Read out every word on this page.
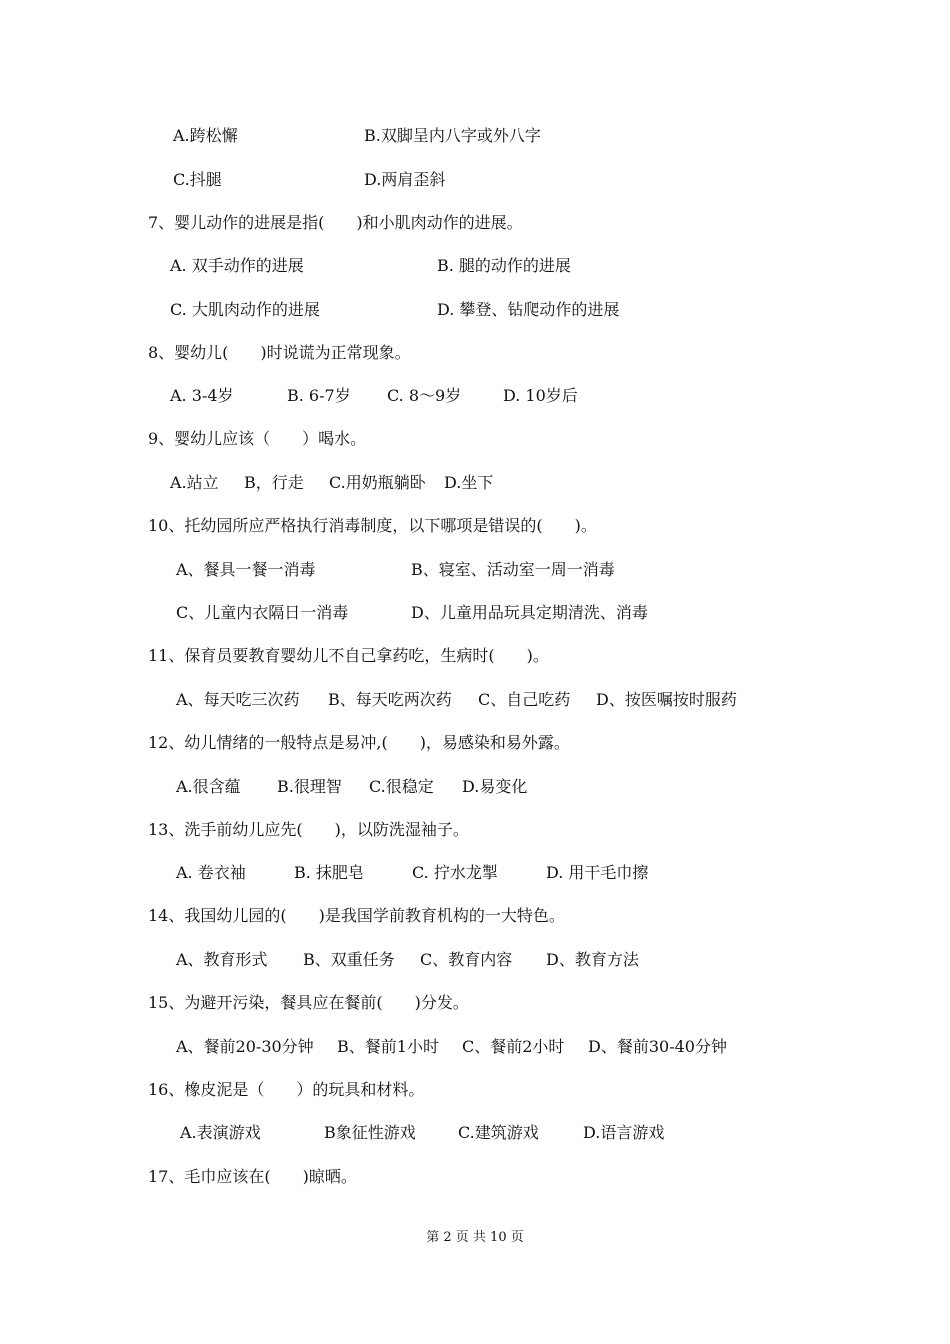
A.跨松懈	B.双脚呈内八字或外八字
C.抖腿	D.两肩歪斜
7、婴儿动作的进展是指(　　)和小肌肉动作的进展。
A. 双手动作的进展	B. 腿的动作的进展
C. 大肌肉动作的进展	D. 攀登、钻爬动作的进展
8、婴幼儿(　　)时说谎为正常现象。
A. 3-4岁	B. 6-7岁 C. 8～9岁	D. 10岁后
9、婴幼儿应该（　　）喝水。
A.站立 B，行走 C.用奶瓶躺卧 D.坐下
10、托幼园所应严格执行消毒制度，以下哪项是错误的(　　)。
A、餐具一餐一消毒	B、寝室、活动室一周一消毒
C、儿童内衣隔日一消毒	D、儿童用品玩具定期清洗、消毒
11、保育员要教育婴幼儿不自己拿药吃，生病时(　　)。
A、每天吃三次药 B、每天吃两次药 C、自己吃药 D、按医嘱按时服药
12、幼儿情绪的一般特点是易冲,(　　)，易感染和易外露。
A.很含蕴 B.很理智 C.很稳定 D.易变化
13、洗手前幼儿应先(　　)，以防洗湿袖子。
A. 卷衣袖	B. 抹肥皂	C. 拧水龙掣	D. 用干毛巾擦
14、我国幼儿园的(　　)是我国学前教育机构的一大特色。
A、教育形式 B、双重任务 C、教育内容 D、教育方法
15、为避开污染，餐具应在餐前(　　)分发。
A、餐前20-30分钟 B、餐前1小时 C、餐前2小时 D、餐前30-40分钟
16、橡皮泥是（　　）的玩具和材料。
A.表演游戏	B象征性游戏	C.建筑游戏	D.语言游戏
17、毛巾应该在(　　)晾晒。
第 2 页 共 10 页
